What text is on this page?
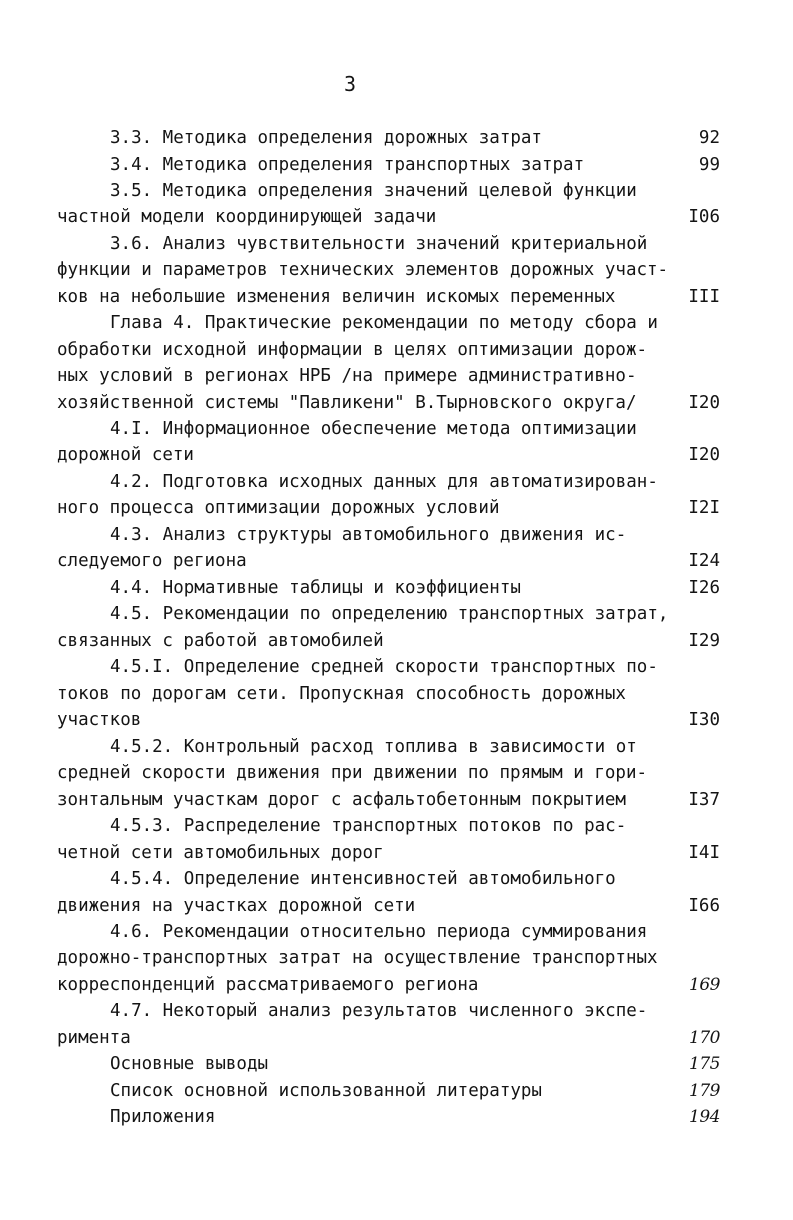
3
3.3. Методика определения дорожных затрат	92
3.4. Методика определения транспортных затрат	99
3.5. Методика определения значений целевой функции
частной модели координирующей задачи	I06
3.6. Анализ чувствительности значений критериальной
функции и параметров технических элементов дорожных участ-
ков на небольшие изменения величин искомых переменных	III
Глава 4. Практические рекомендации по методу сбора и
обработки исходной информации в целях оптимизации дорож-
ных условий в регионах НРБ /на примере административно-
хозяйственной системы "Павликени" В.Тырновского округа/	I20
4.I. Информационное обеспечение метода оптимизации
дорожной сети	I20
4.2. Подготовка исходных данных для автоматизирован-
ного процесса оптимизации дорожных условий	I2I
4.3. Анализ структуры автомобильного движения ис-
следуемого региона	I24
4.4. Нормативные таблицы и коэффициенты	I26
4.5. Рекомендации по определению транспортных затрат,
связанных с работой автомобилей	I29
4.5.I. Определение средней скорости транспортных по-
токов по дорогам сети. Пропускная способность дорожных
участков	I30
4.5.2. Контрольный расход топлива в зависимости от
средней скорости движения при движении по прямым и гори-
зонтальным участкам дорог с асфальтобетонным покрытием	I37
4.5.3. Распределение транспортных потоков по рас-
четной сети автомобильных дорог	I4I
4.5.4. Определение интенсивностей автомобильного
движения на участках дорожной сети	I66
4.6. Рекомендации относительно периода суммирования
дорожно-транспортных затрат на осуществление транспортных
корреспонденций рассматриваемого региона	169
4.7. Некоторый анализ результатов численного экспе-
римента	170
Основные выводы	175
Список основной использованной литературы	179
Приложения	194
